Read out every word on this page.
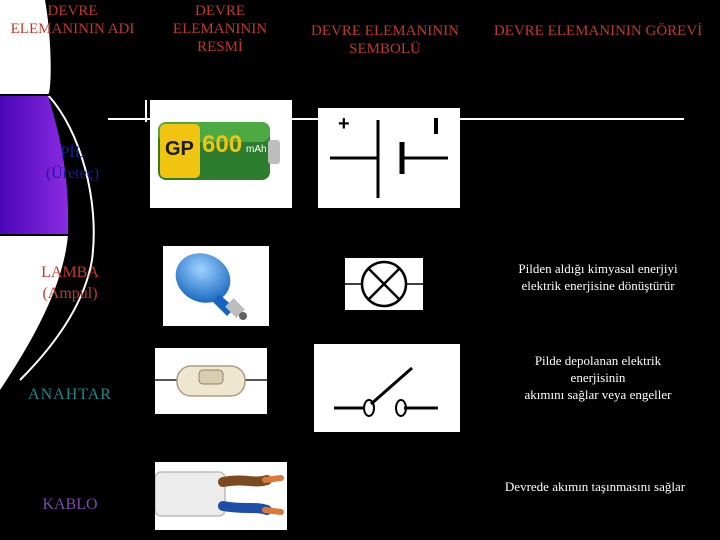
DEVRE ELEMANININ ADI
DEVRE ELEMANININ RESMİ
DEVRE ELEMANININ SEMBOLÜ
DEVRE ELEMANININ GÖREVİ
PİL
(Üreteç)
GP 600 mAh
+
LAMBA
(Ampul)
Pilden aldığı kimyasal enerjiyi
elektrik enerjisine dönüştürür
ANAHTAR
Pilde depolanan elektrik
enerjisinin
akımını sağlar veya engeller
KABLO
Devrede akımın taşınmasını sağlar
